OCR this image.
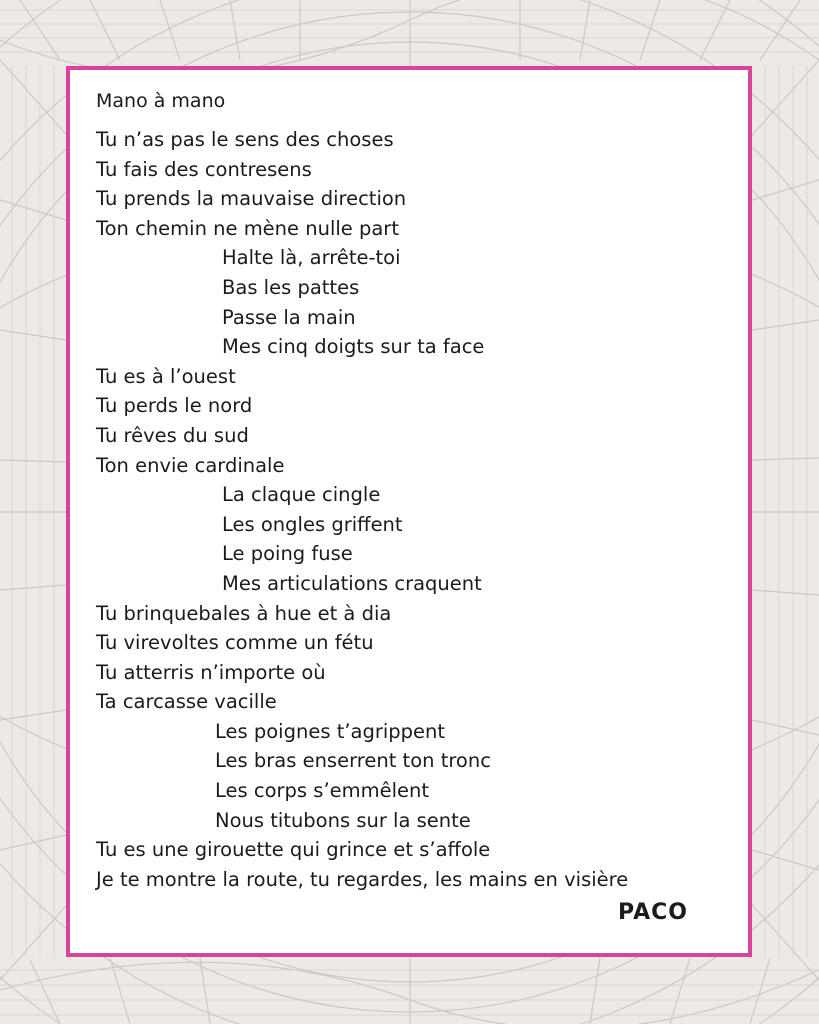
Mano à mano
Tu n’as pas le sens des choses
Tu fais des contresens
Tu prends la mauvaise direction
Ton chemin ne mène nulle part
Halte là, arrête-toi
Bas les pattes
Passe la main
Mes cinq doigts sur ta face
Tu es à l’ouest
Tu perds le nord
Tu rêves du sud
Ton envie cardinale
La claque cingle
Les ongles griffent
Le poing fuse
Mes articulations craquent
Tu brinquebales à hue et à dia
Tu virevoltes comme un fétu
Tu atterris n’importe où
Ta carcasse vacille
Les poignes t’agrippent
Les bras enserrent ton tronc
Les corps s’emmêlent
Nous titubons sur la sente
Tu es une girouette qui grince et s’affole
Je te montre la route, tu regardes, les mains en visière
PACO
